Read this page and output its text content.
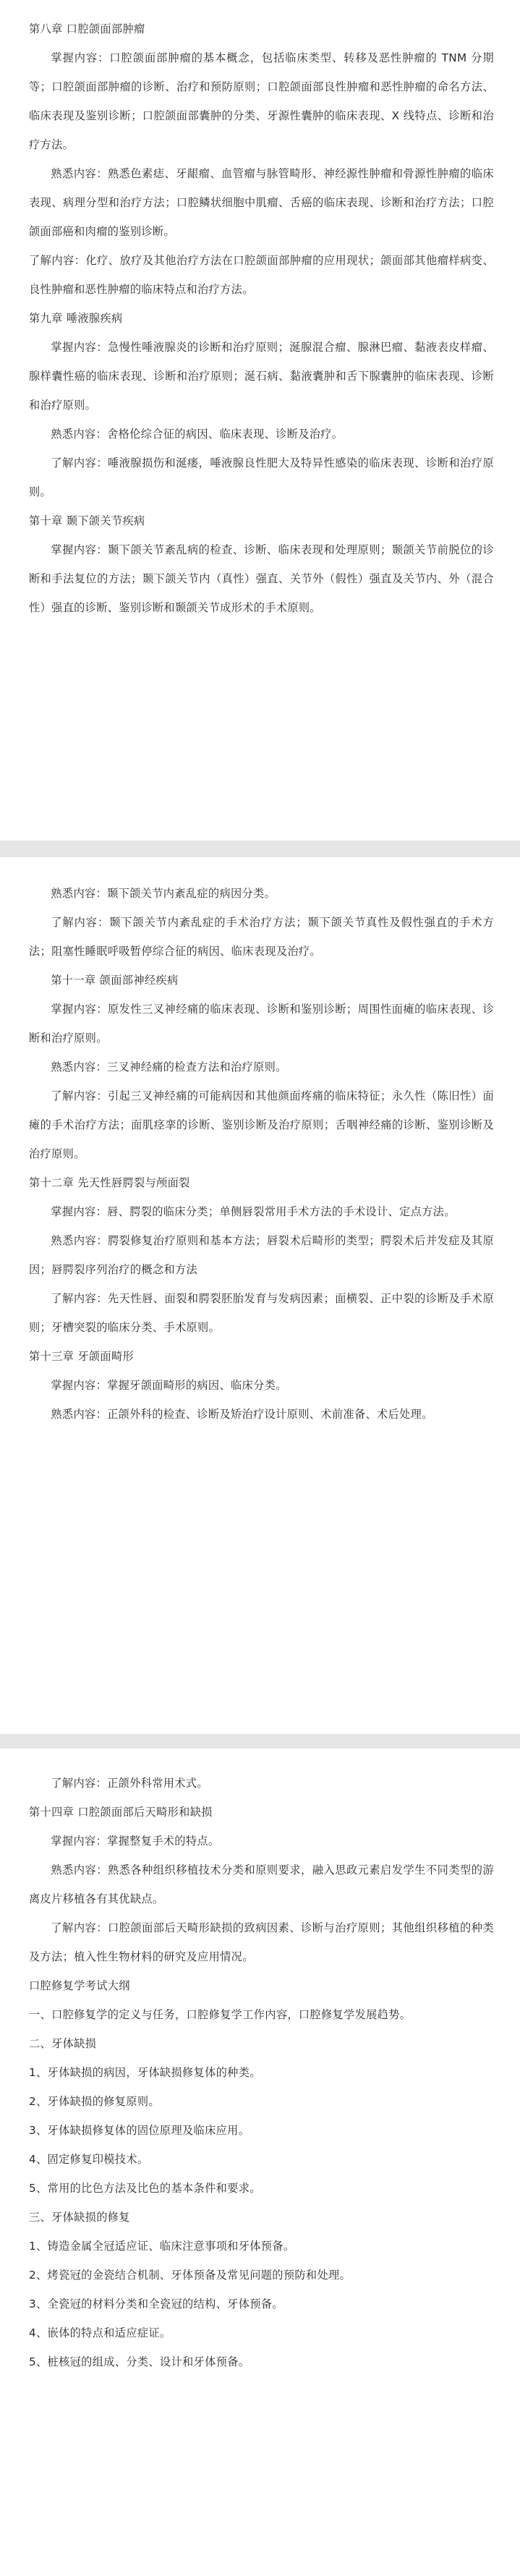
第八章 口腔颌面部肿瘤

掌握内容：口腔颌面部肿瘤的基本概念，包括临床类型、转移及恶性肿瘤的 TNM 分期等；口腔颌面部肿瘤的诊断、治疗和预防原则；口腔颌面部良性肿瘤和恶性肿瘤的命名方法、临床表现及鉴别诊断；口腔颌面部囊肿的分类、牙源性囊肿的临床表现、X 线特点、诊断和治疗方法。

熟悉内容：熟悉色素痣、牙龈瘤、血管瘤与脉管畸形、神经源性肿瘤和骨源性肿瘤的临床表现、病理分型和治疗方法；口腔鳞状细胞中肌瘤、舌癌的临床表现、诊断和治疗方法；口腔颌面部癌和肉瘤的鉴别诊断。

了解内容：化疗、放疗及其他治疗方法在口腔颌面部肿瘤的应用现状；颌面部其他瘤样病变、良性肿瘤和恶性肿瘤的临床特点和治疗方法。

第九章 唾液腺疾病

掌握内容：急慢性唾液腺炎的诊断和治疗原则；涎腺混合瘤、腺淋巴瘤、黏液表皮样瘤、腺样囊性癌的临床表现、诊断和治疗原则；涎石病、黏液囊肿和舌下腺囊肿的临床表现、诊断和治疗原则。

熟悉内容：舍格伦综合征的病因、临床表现、诊断及治疗。

了解内容：唾液腺损伤和涎瘘，唾液腺良性肥大及特异性感染的临床表现、诊断和治疗原则。

第十章 颞下颌关节疾病

掌握内容：颞下颌关节紊乱病的检查、诊断、临床表现和处理原则；颞颌关节前脱位的诊断和手法复位的方法；颞下颌关节内（真性）强直、关节外（假性）强直及关节内、外（混合性）强直的诊断、鉴别诊断和颞颌关节成形术的手术原则。

熟悉内容：颞下颌关节内紊乱症的病因分类。

了解内容：颞下颌关节内紊乱症的手术治疗方法；颞下颌关节真性及假性强直的手术方法；阻塞性睡眠呼吸暂停综合征的病因、临床表现及治疗。

第十一章 颌面部神经疾病

掌握内容：原发性三叉神经痛的临床表现、诊断和鉴别诊断；周围性面瘫的临床表现、诊断和治疗原则。

熟悉内容：三叉神经痛的检查方法和治疗原则。

了解内容：引起三叉神经痛的可能病因和其他颜面疼痛的临床特征；永久性（陈旧性）面瘫的手术治疗方法；面肌痉挛的诊断、鉴别诊断及治疗原则；舌咽神经痛的诊断、鉴别诊断及治疗原则。

第十二章 先天性唇腭裂与颅面裂

掌握内容：唇、腭裂的临床分类；单侧唇裂常用手术方法的手术设计、定点方法。

熟悉内容：腭裂修复治疗原则和基本方法；唇裂术后畸形的类型；腭裂术后并发症及其原因；唇腭裂序列治疗的概念和方法

了解内容：先天性唇、面裂和腭裂胚胎发育与发病因素；面横裂、正中裂的诊断及手术原则；牙槽突裂的临床分类、手术原则。

第十三章 牙颌面畸形

掌握内容：掌握牙颌面畸形的病因、临床分类。

熟悉内容：正颌外科的检查、诊断及矫治疗设计原则、术前准备、术后处理。

了解内容：正颌外科常用术式。

第十四章 口腔颌面部后天畸形和缺损

掌握内容：掌握整复手术的特点。

熟悉内容：熟悉各种组织移植技术分类和原则要求，融入思政元素启发学生不同类型的游离皮片移植各有其优缺点。

了解内容：口腔颌面部后天畸形缺损的致病因素、诊断与治疗原则；其他组织移植的种类及方法；植入性生物材料的研究及应用情况。

口腔修复学考试大纲

一、口腔修复学的定义与任务，口腔修复学工作内容，口腔修复学发展趋势。

二、牙体缺损

1、牙体缺损的病因，牙体缺损修复体的种类。

2、牙体缺损的修复原则。

3、牙体缺损修复体的固位原理及临床应用。

4、固定修复印模技术。

5、常用的比色方法及比色的基本条件和要求。

三、牙体缺损的修复

1、铸造金属全冠适应证、临床注意事项和牙体预备。

2、烤瓷冠的金瓷结合机制、牙体预备及常见问题的预防和处理。

3、全瓷冠的材料分类和全瓷冠的结构、牙体预备。

4、嵌体的特点和适应症证。

5、桩核冠的组成、分类、设计和牙体预备。
